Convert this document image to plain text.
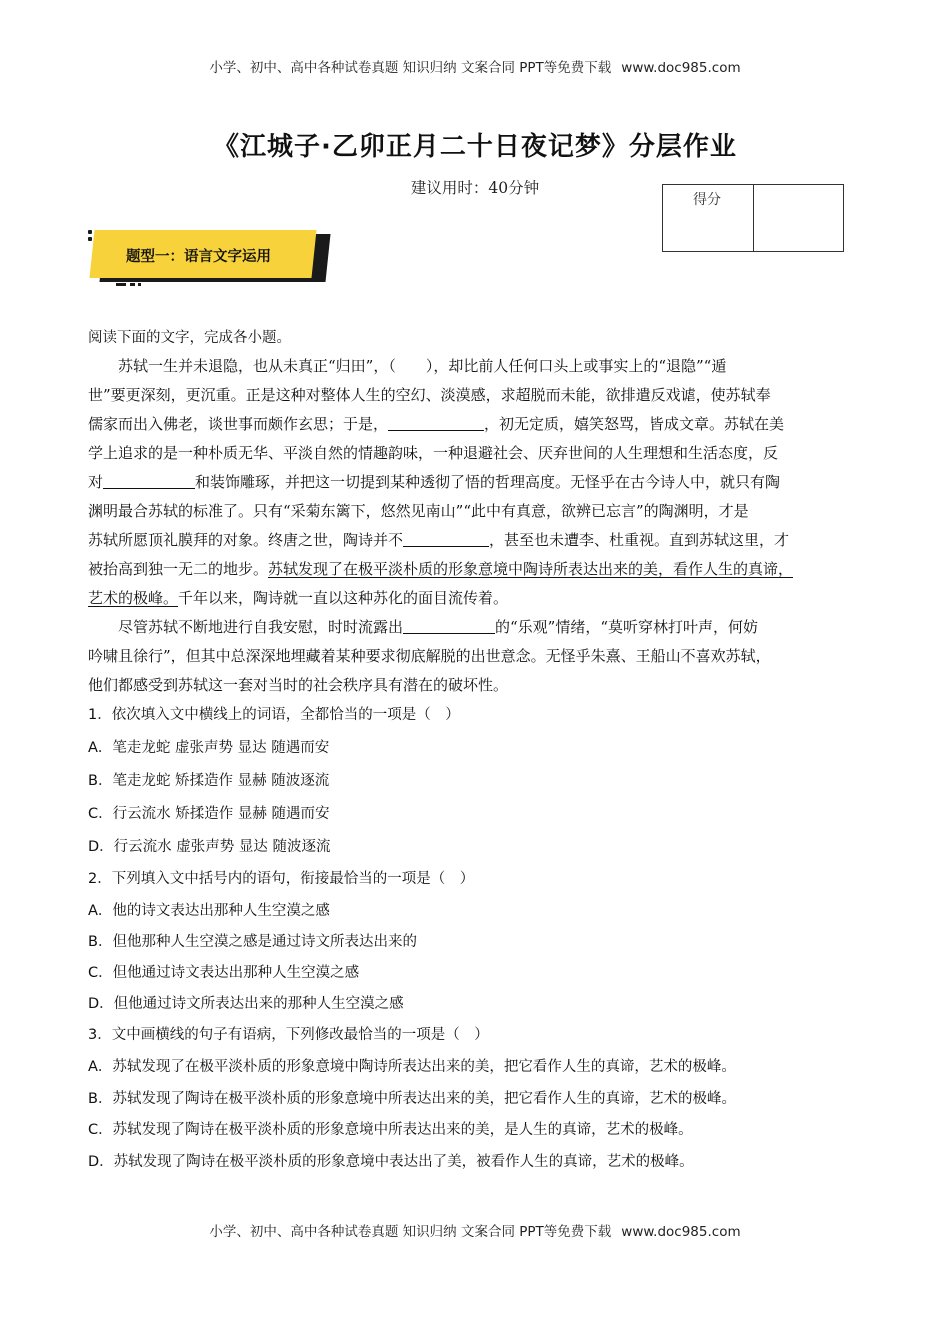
小学、初中、高中各种试卷真题 知识归纳 文案合同 PPT等免费下载 www.doc985.com
《江城子·乙卯正月二十日夜记梦》分层作业
建议用时：40分钟
得分
题型一：语言文字运用
阅读下面的文字，完成各小题。
苏轼一生并未退隐，也从未真正“归田”，（　　），却比前人任何口头上或事实上的“退隐”“遁
世”要更深刻，更沉重。正是这种对整体人生的空幻、淡漠感，求超脱而未能，欲排遣反戏谑，使苏轼奉
儒家而出入佛老，谈世事而颇作玄思；于是，	，初无定质，嬉笑怒骂，皆成文章。苏轼在美
学上追求的是一种朴质无华、平淡自然的情趣韵味，一种退避社会、厌弃世间的人生理想和生活态度，反
对	和装饰雕琢，并把这一切提到某种透彻了悟的哲理高度。无怪乎在古今诗人中，就只有陶
渊明最合苏轼的标准了。只有“采菊东篱下，悠然见南山”“此中有真意，欲辨已忘言”的陶渊明，才是
苏轼所愿顶礼膜拜的对象。终唐之世，陶诗并不	，甚至也未遭李、杜重视。直到苏轼这里，才
被抬高到独一无二的地步。苏轼发现了在极平淡朴质的形象意境中陶诗所表达出来的美，看作人生的真谛，
艺术的极峰。千年以来，陶诗就一直以这种苏化的面目流传着。
尽管苏轼不断地进行自我安慰，时时流露出	的“乐观”情绪，“莫听穿林打叶声，何妨
吟啸且徐行”，但其中总深深地埋藏着某种要求彻底解脱的出世意念。无怪乎朱熹、王船山不喜欢苏轼，
他们都感受到苏轼这一套对当时的社会秩序具有潜在的破坏性。
1．依次填入文中横线上的词语，全都恰当的一项是（　）
A．笔走龙蛇 虚张声势 显达 随遇而安
B．笔走龙蛇 矫揉造作 显赫 随波逐流
C．行云流水 矫揉造作 显赫 随遇而安
D．行云流水 虚张声势 显达 随波逐流
2．下列填入文中括号内的语句，衔接最恰当的一项是（　）
A．他的诗文表达出那种人生空漠之感
B．但他那种人生空漠之感是通过诗文所表达出来的
C．但他通过诗文表达出那种人生空漠之感
D．但他通过诗文所表达出来的那种人生空漠之感
3．文中画横线的句子有语病，下列修改最恰当的一项是（　）
A．苏轼发现了在极平淡朴质的形象意境中陶诗所表达出来的美，把它看作人生的真谛，艺术的极峰。
B．苏轼发现了陶诗在极平淡朴质的形象意境中所表达出来的美，把它看作人生的真谛，艺术的极峰。
C．苏轼发现了陶诗在极平淡朴质的形象意境中所表达出来的美，是人生的真谛，艺术的极峰。
D．苏轼发现了陶诗在极平淡朴质的形象意境中表达出了美，被看作人生的真谛，艺术的极峰。
小学、初中、高中各种试卷真题 知识归纳 文案合同 PPT等免费下载 www.doc985.com
